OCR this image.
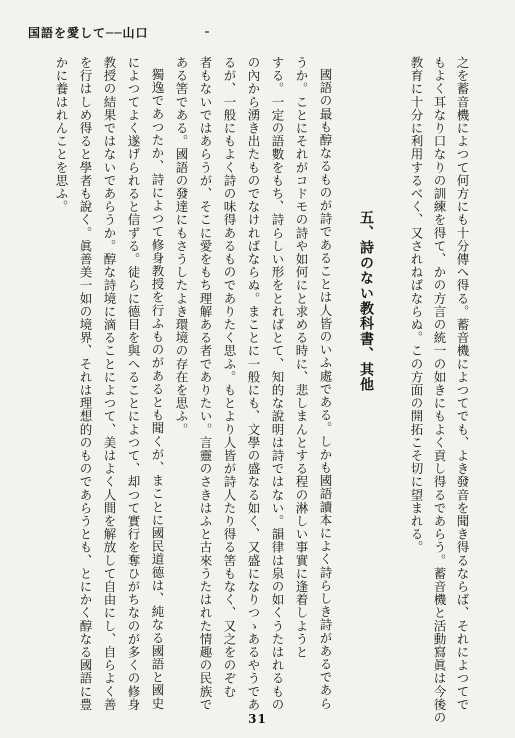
国語を愛して──山口
之を蓄音機によつて何方にも十分傳へ得る。蓄音機によつてでも、よき發音を聞き得るならば、それによつてで
もよく耳なり口なりの訓練を得て、かの方言の統一の如きにもよく貢し得るであらう。蓄音機と活動寫眞は今後の
教育に十分に利用するべく、又されねばならぬ。この方面の開拓こそ切に望まれる。
五、詩のない教科書、其他
國語の最も醇なるものが詩であることは人皆のいふ處である。しかも國語讀本によく詩らしき詩があるであら
うか。ことにそれがコドモの詩や如何にと求める時に、悲しまんとする程の淋しい事實に逢着しようと
する。一定の語數をもち、詩らしい形をとればとて、知的な說明は詩ではない。韻律は泉の如くうたはれるもの
の內から湧き出たものでなければならぬ。まことに一般にも、文學の盛なる如く、又盛になりつゝあるやうであ
るが、一般にもよく詩の味得あるものでありたく思ふ。もとより人皆が詩人たり得る筈もなく、又之をのぞむ
者もないではあらうが、そこに愛をもち理解ある者でありたい。言靈のさきはふと古來うたはれた情趣の民族で
ある筈である。國語の發達にもさうしたよき環境の存在を思ふ。
獨逸であつたか、詩によつて修身教授を行ふものがあるとも聞くが、まことに國民道德は、純なる國語と國史
によつてよく遂げられると信ずる。徒らに德目を與へることによつて、却つて實行を奪ひがちなのが多くの修身
教授の結果ではないであらうか。醇な詩境に滴ることによつて、美はよく人間を解放して自由にし、自らよく善
を行はしめ得ると學者も說く。眞善美一如の境界、それは理想的のものであらうとも、とにかく醇なる國語に豊
かに養はれんことを思ふ。
31
